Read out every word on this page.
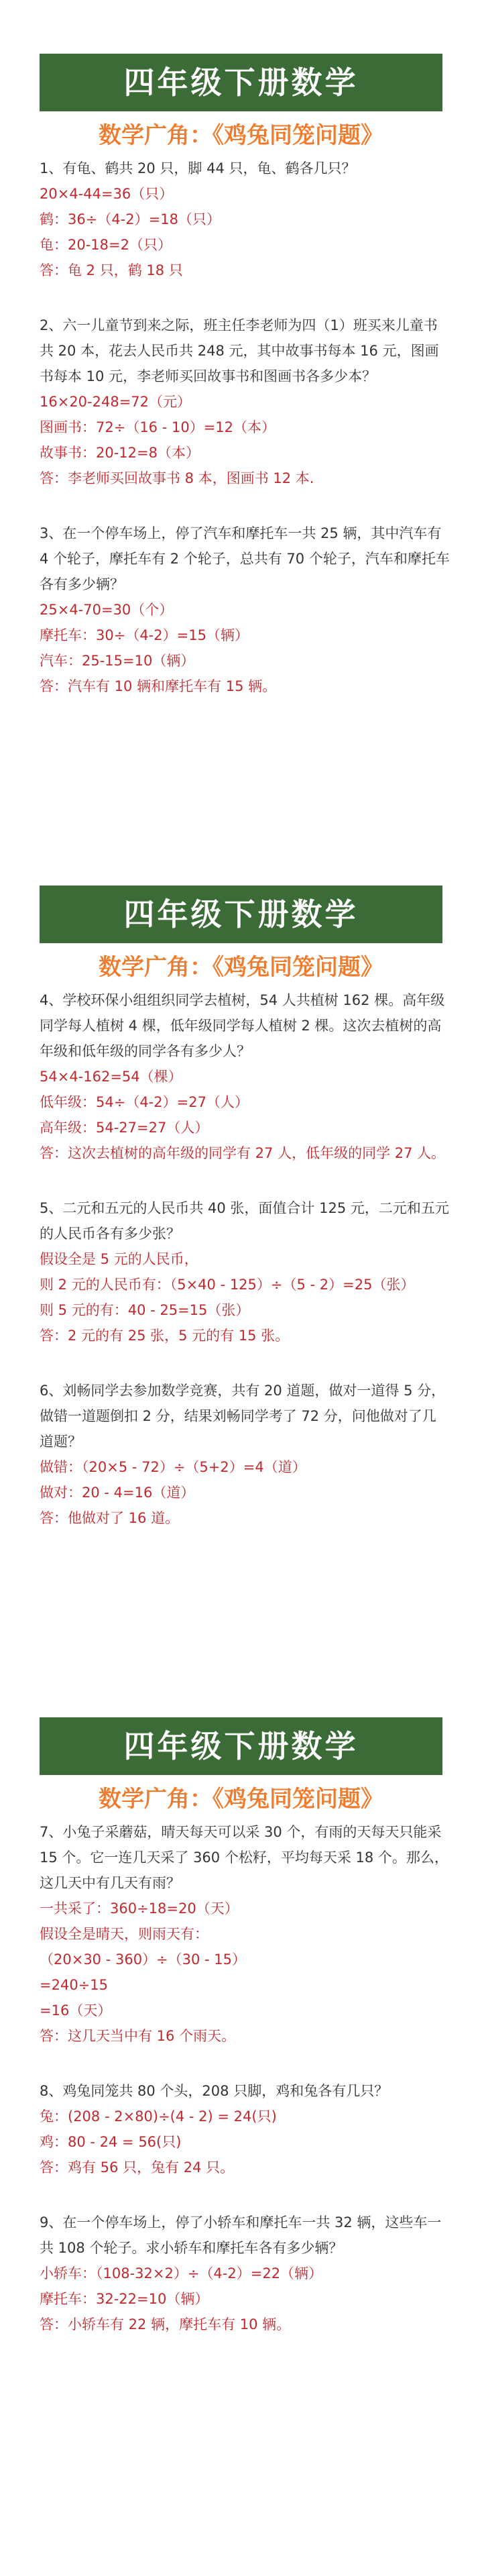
四年级下册数学
数学广角：《鸡兔同笼问题》

1、有龟、鹤共 20 只，脚 44 只，龟、鹤各几只？

20×4-44=36（只）

鹤：36÷（4-2）=18（只）

龟：20-18=2（只）

答：龟 2 只，鹤 18 只

2、六一儿童节到来之际，班主任李老师为四（1）班买来儿童书共 20 本，花去人民币共 248 元，其中故事书每本 16 元，图画书每本 10 元，李老师买回故事书和图画书各多少本？

16×20-248=72（元）

图画书：72÷（16 - 10）=12（本）

故事书：20-12=8（本）

答：李老师买回故事书 8 本，图画书 12 本.

3、在一个停车场上，停了汽车和摩托车一共 25 辆，其中汽车有 4 个轮子，摩托车有 2 个轮子，总共有 70 个轮子，汽车和摩托车各有多少辆？

25×4-70=30（个）

摩托车：30÷（4-2）=15（辆）

汽车：25-15=10（辆）

答：汽车有 10 辆和摩托车有 15 辆。

四年级下册数学
数学广角：《鸡兔同笼问题》

4、学校环保小组组织同学去植树，54 人共植树 162 棵。高年级同学每人植树 4 棵，低年级同学每人植树 2 棵。这次去植树的高年级和低年级的同学各有多少人？

54×4-162=54（棵）

低年级：54÷（4-2）=27（人）

高年级：54-27=27（人）

答：这次去植树的高年级的同学有 27 人，低年级的同学 27 人。

5、二元和五元的人民币共 40 张，面值合计 125 元，二元和五元的人民币各有多少张？

假设全是 5 元的人民币，

则 2 元的人民币有：（5×40 - 125）÷（5 - 2）=25（张）

则 5 元的有：40 - 25=15（张）

答：2 元的有 25 张，5 元的有 15 张。

6、刘畅同学去参加数学竞赛，共有 20 道题，做对一道得 5 分，做错一道题倒扣 2 分，结果刘畅同学考了 72 分，问他做对了几道题？

做错：（20×5 - 72）÷（5+2）=4（道）

做对：20 - 4=16（道）

答：他做对了 16 道。

四年级下册数学
数学广角：《鸡兔同笼问题》

7、小兔子采蘑菇，晴天每天可以采 30 个，有雨的天每天只能采 15 个。它一连几天采了 360 个松籽，平均每天采 18 个。那么，这几天中有几天有雨？

一共采了：360÷18=20（天）

假设全是晴天，则雨天有：

（20×30 - 360）÷（30 - 15）

=240÷15

=16（天）

答：这几天当中有 16 个雨天。

8、鸡兔同笼共 80 个头，208 只脚，鸡和兔各有几只？

兔：(208 - 2×80)÷(4 - 2) = 24(只)

鸡：80 - 24 = 56(只)

答：鸡有 56 只，兔有 24 只。

9、在一个停车场上，停了小轿车和摩托车一共 32 辆，这些车一共 108 个轮子。求小轿车和摩托车各有多少辆？

小轿车：（108-32×2）÷（4-2）=22（辆）

摩托车：32-22=10（辆）

答：小轿车有 22 辆，摩托车有 10 辆。
